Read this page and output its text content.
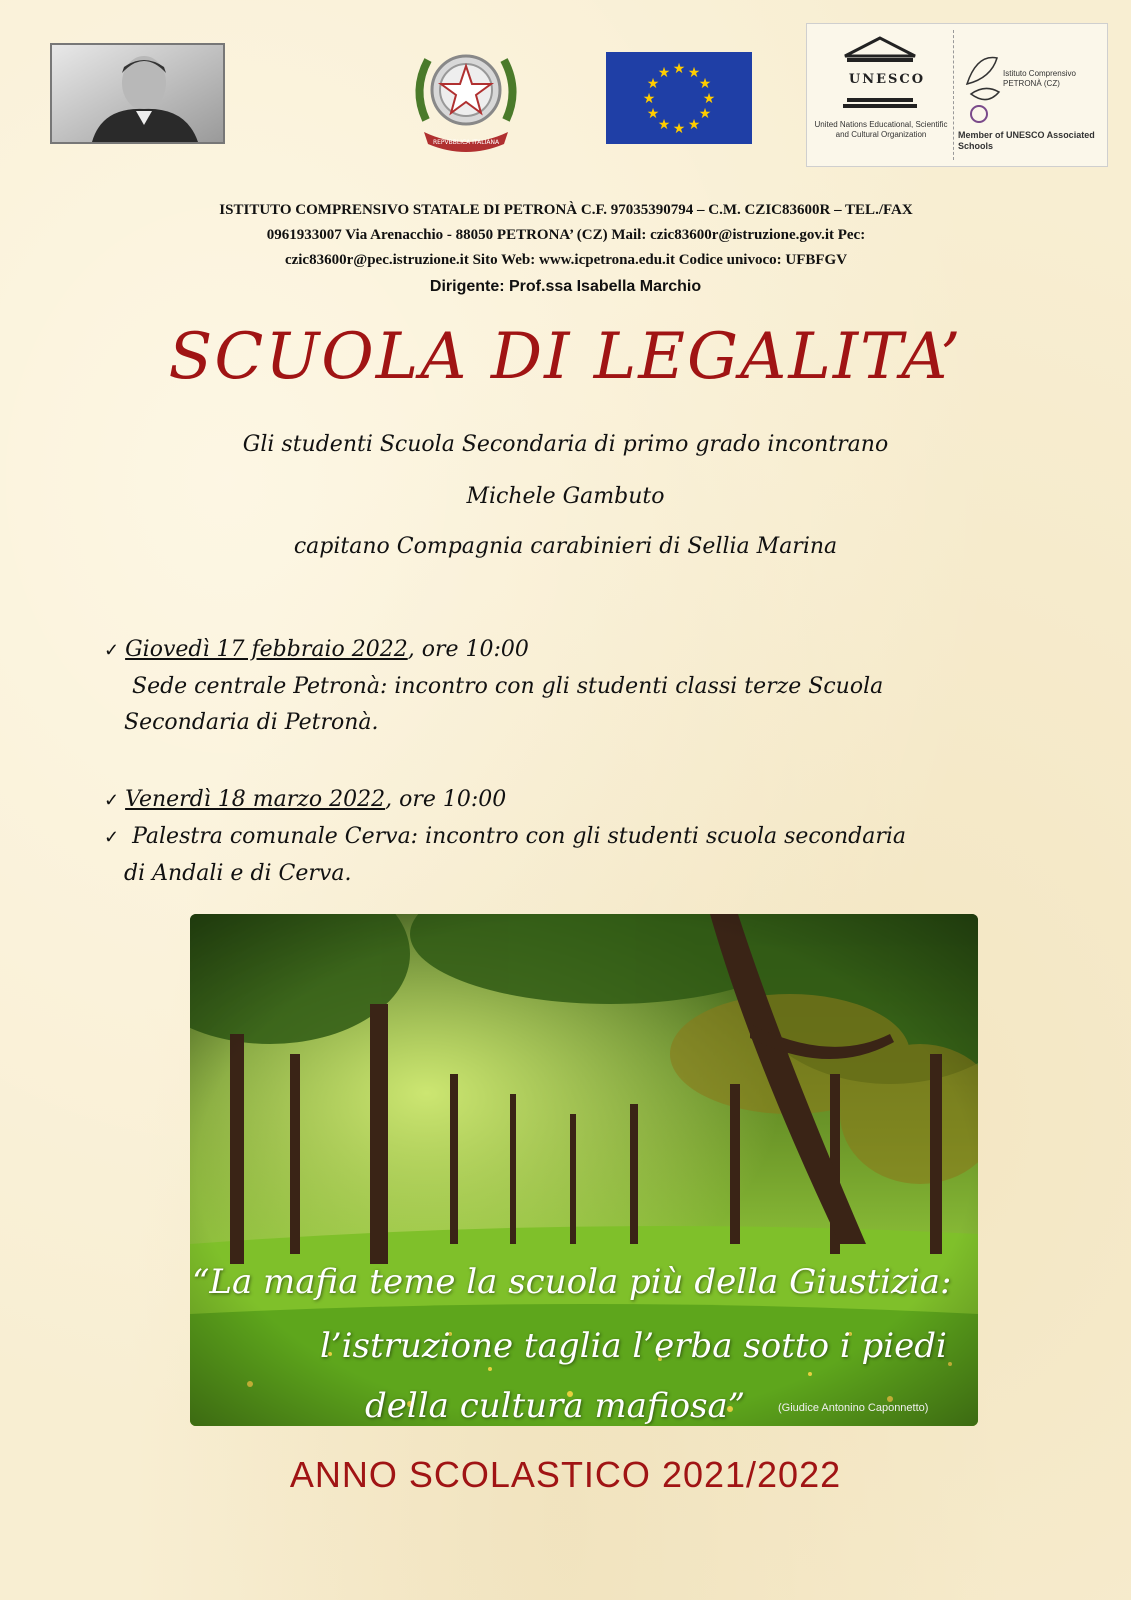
REPVBBLICA ITALIANA
★ ★
★
★
★
★
★
★
★
★
★
★	UNESCO
United Nations Educational, Scientific and Cultural Organization
Istituto Comprensivo PETRONÀ (CZ)
Member of UNESCO Associated Schools
ISTITUTO COMPRENSIVO STATALE DI PETRONÀ C.F. 97035390794 – C.M. CZIC83600R – TEL./FAX
0961933007 Via Arenacchio - 88050 PETRONA’ (CZ) Mail: czic83600r@istruzione.gov.it Pec:
czic83600r@pec.istruzione.it Sito Web: www.icpetrona.edu.it Codice univoco: UFBFGV
Dirigente: Prof.ssa Isabella Marchio
SCUOLA DI LEGALITA’
Gli studenti Scuola Secondaria di primo grado incontrano
Michele Gambuto
capitano Compagnia carabinieri di Sellia Marina
✓ Giovedì 17 febbraio 2022, ore 10:00
Sede centrale Petronà: incontro con gli studenti classi terze Scuola
Secondaria di Petronà.
✓ Venerdì 18 marzo 2022, ore 10:00
✓ Palestra comunale Cerva: incontro con gli studenti scuola secondaria
di Andali e di Cerva.
“La mafia teme la scuola più della Giustizia:
l’istruzione taglia l’erba sotto i piedi
della cultura mafiosa”	(Giudice Antonino Caponnetto)
ANNO SCOLASTICO 2021/2022
